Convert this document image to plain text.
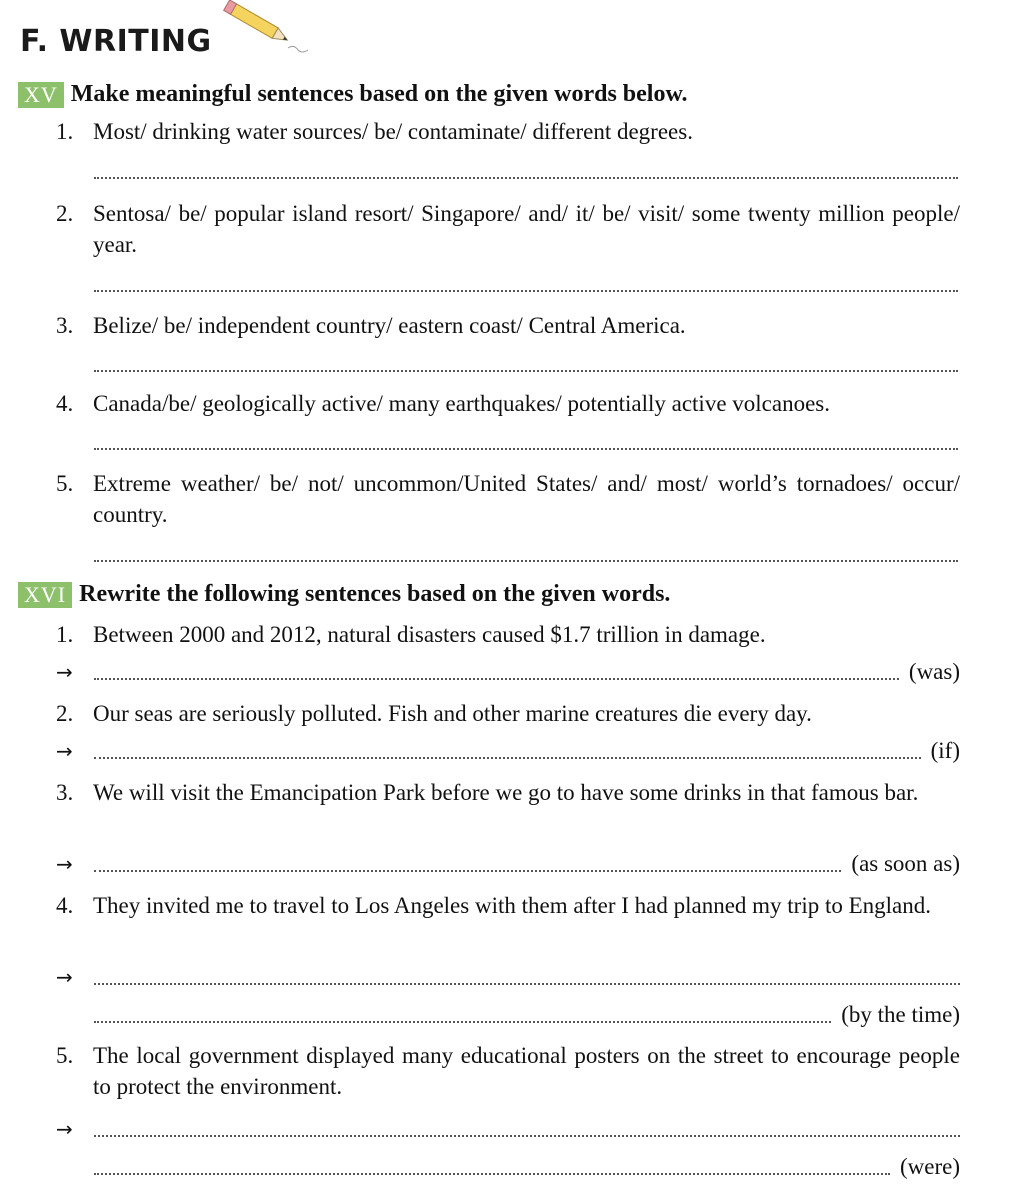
F. WRITING
XV Make meaningful sentences based on the given words below.
1. Most/ drinking water sources/ be/ contaminate/ different degrees.
2. Sentosa/ be/ popular island resort/ Singapore/ and/ it/ be/ visit/ some twenty million people/ year.
3. Belize/ be/ independent country/ eastern coast/ Central America.
4. Canada/be/ geologically active/ many earthquakes/ potentially active volcanoes.
5. Extreme weather/ be/ not/ uncommon/United States/ and/ most/ world’s tornadoes/ occur/ country.
XVI Rewrite the following sentences based on the given words.
1. Between 2000 and 2012, natural disasters caused $1.7 trillion in damage.
→	(was)
2. Our seas are seriously polluted. Fish and other marine creatures die every day.
→	(if)
3. We will visit the Emancipation Park before we go to have some drinks in that famous bar.
→	(as soon as)
4. They invited me to travel to Los Angeles with them after I had planned my trip to England.
→
(by the time)
5. The local government displayed many educational posters on the street to encourage people to protect the environment.
→
(were)
